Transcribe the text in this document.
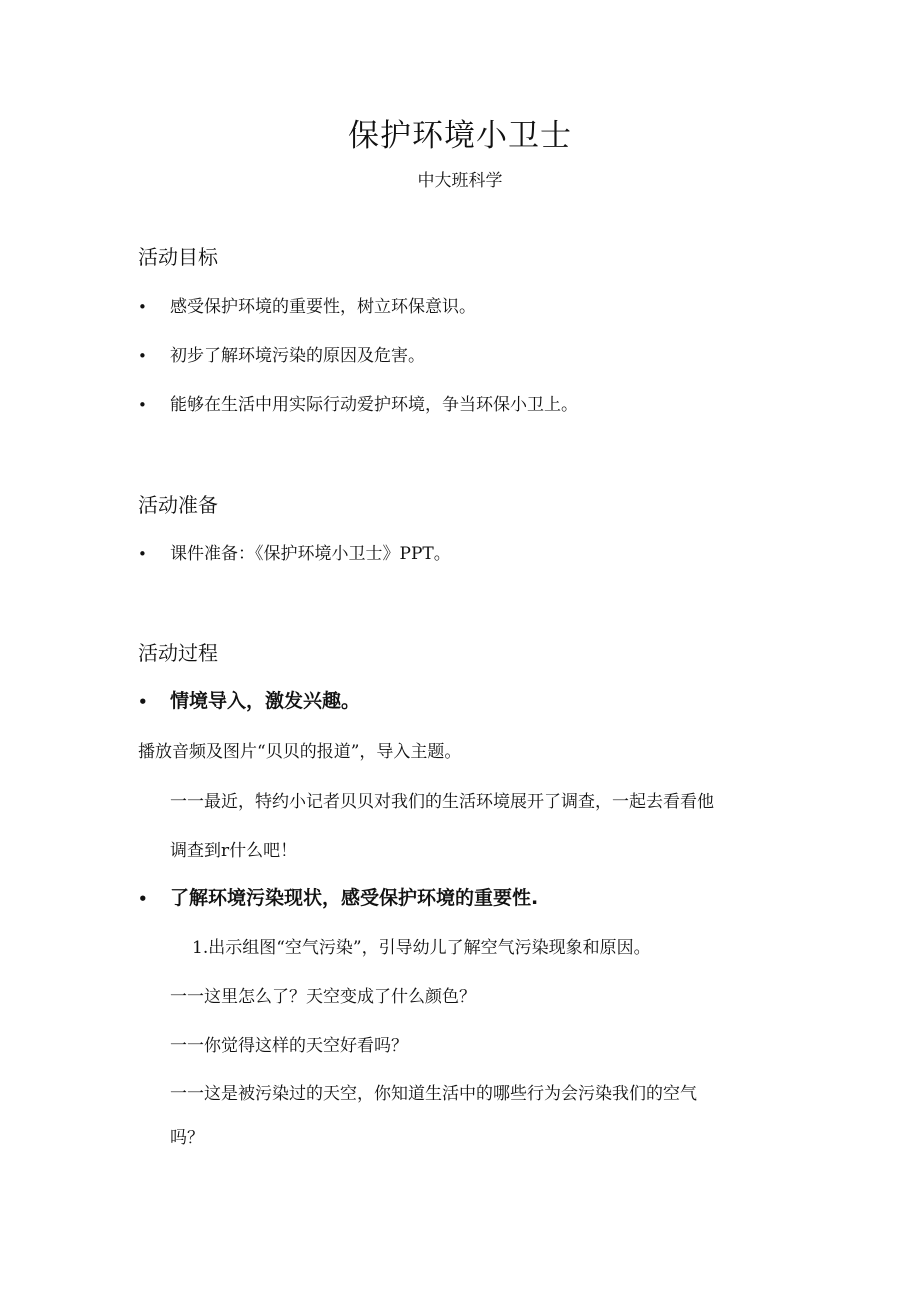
保护环境小卫士
中大班科学
活动目标
• 感受保护环境的重要性，树立环保意识。
• 初步了解环境污染的原因及危害。
• 能够在生活中用实际行动爱护环境，争当环保小卫上。
活动准备
• 课件准备：《保护环境小卫士》PPT。
活动过程
• 情境导入，激发兴趣。
播放音频及图片“贝贝的报道”，导入主题。
一一最近，特约小记者贝贝对我们的生活环境展开了调查，一起去看看他
调查到r什么吧！
• 了解环境污染现状，感受保护环境的重要性.
1.出示组图“空气污染”，引导幼儿了解空气污染现象和原因。
一一这里怎么了？天空变成了什么颜色？
一一你觉得这样的天空好看吗？
一一这是被污染过的天空，你知道生活中的哪些行为会污染我们的空气
吗？
